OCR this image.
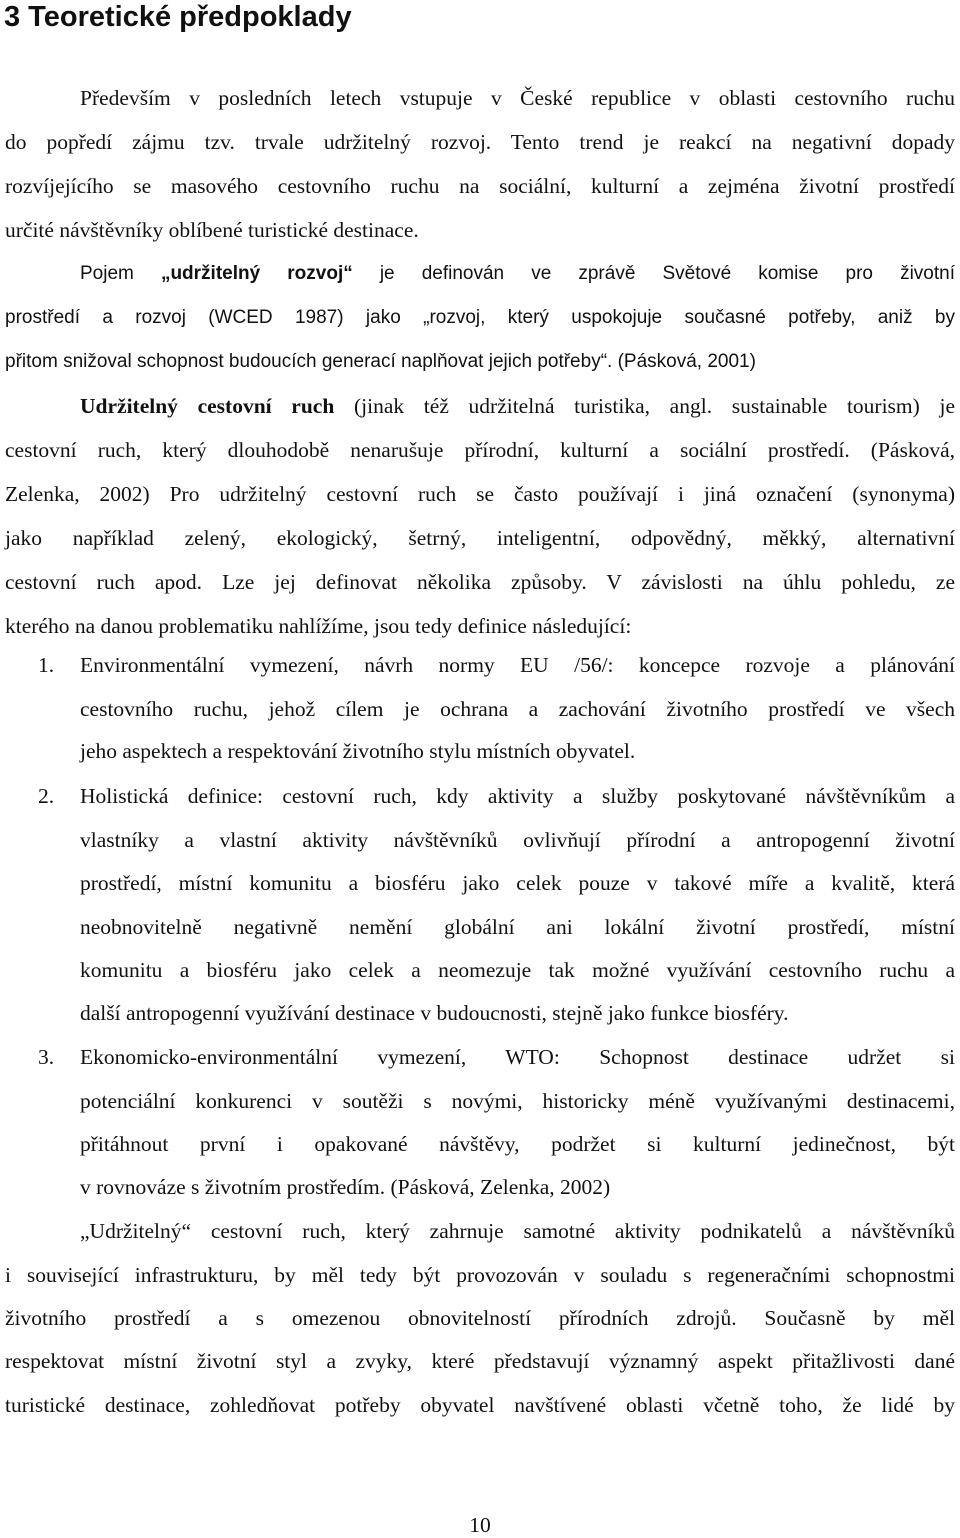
3 Teoretické předpoklady
Především v posledních letech vstupuje v České republice v oblasti cestovního ruchu
do popředí zájmu tzv. trvale udržitelný rozvoj. Tento trend je reakcí na negativní dopady
rozvíjejícího se masového cestovního ruchu na sociální, kulturní a zejména životní prostředí
určité návštěvníky oblíbené turistické destinace.
Pojem „udržitelný rozvoj“ je definován ve zprávě Světové komise pro životní
prostředí a rozvoj (WCED 1987) jako „rozvoj, který uspokojuje současné potřeby, aniž by
přitom snižoval schopnost budoucích generací naplňovat jejich potřeby“. (Pásková, 2001)
Udržitelný cestovní ruch (jinak též udržitelná turistika, angl. sustainable tourism) je
cestovní ruch, který dlouhodobě nenarušuje přírodní, kulturní a sociální prostředí. (Pásková,
Zelenka, 2002) Pro udržitelný cestovní ruch se často používají i jiná označení (synonyma)
jako například zelený, ekologický, šetrný, inteligentní, odpovědný, měkký, alternativní
cestovní ruch apod. Lze jej definovat několika způsoby. V závislosti na úhlu pohledu, ze
kterého na danou problematiku nahlížíme, jsou tedy definice následující:
1. Environmentální vymezení, návrh normy EU /56/: koncepce rozvoje a plánování
cestovního ruchu, jehož cílem je ochrana a zachování životního prostředí ve všech
jeho aspektech a respektování životního stylu místních obyvatel.
2. Holistická definice: cestovní ruch, kdy aktivity a služby poskytované návštěvníkům a
vlastníky a vlastní aktivity návštěvníků ovlivňují přírodní a antropogenní životní
prostředí, místní komunitu a biosféru jako celek pouze v takové míře a kvalitě, která
neobnovitelně negativně nemění globální ani lokální životní prostředí, místní
komunitu a biosféru jako celek a neomezuje tak možné využívání cestovního ruchu a
další antropogenní využívání destinace v budoucnosti, stejně jako funkce biosféry.
3. Ekonomicko-environmentální vymezení, WTO: Schopnost destinace udržet si
potenciální konkurenci v soutěži s novými, historicky méně využívanými destinacemi,
přitáhnout první i opakované návštěvy, podržet si kulturní jedinečnost, být
v rovnováze s životním prostředím. (Pásková, Zelenka, 2002)
„Udržitelný“ cestovní ruch, který zahrnuje samotné aktivity podnikatelů a návštěvníků
i související infrastrukturu, by měl tedy být provozován v souladu s regeneračními schopnostmi
životního prostředí a s omezenou obnovitelností přírodních zdrojů. Současně by měl
respektovat místní životní styl a zvyky, které představují významný aspekt přitažlivosti dané
turistické destinace, zohledňovat potřeby obyvatel navštívené oblasti včetně toho, že lidé by
10
